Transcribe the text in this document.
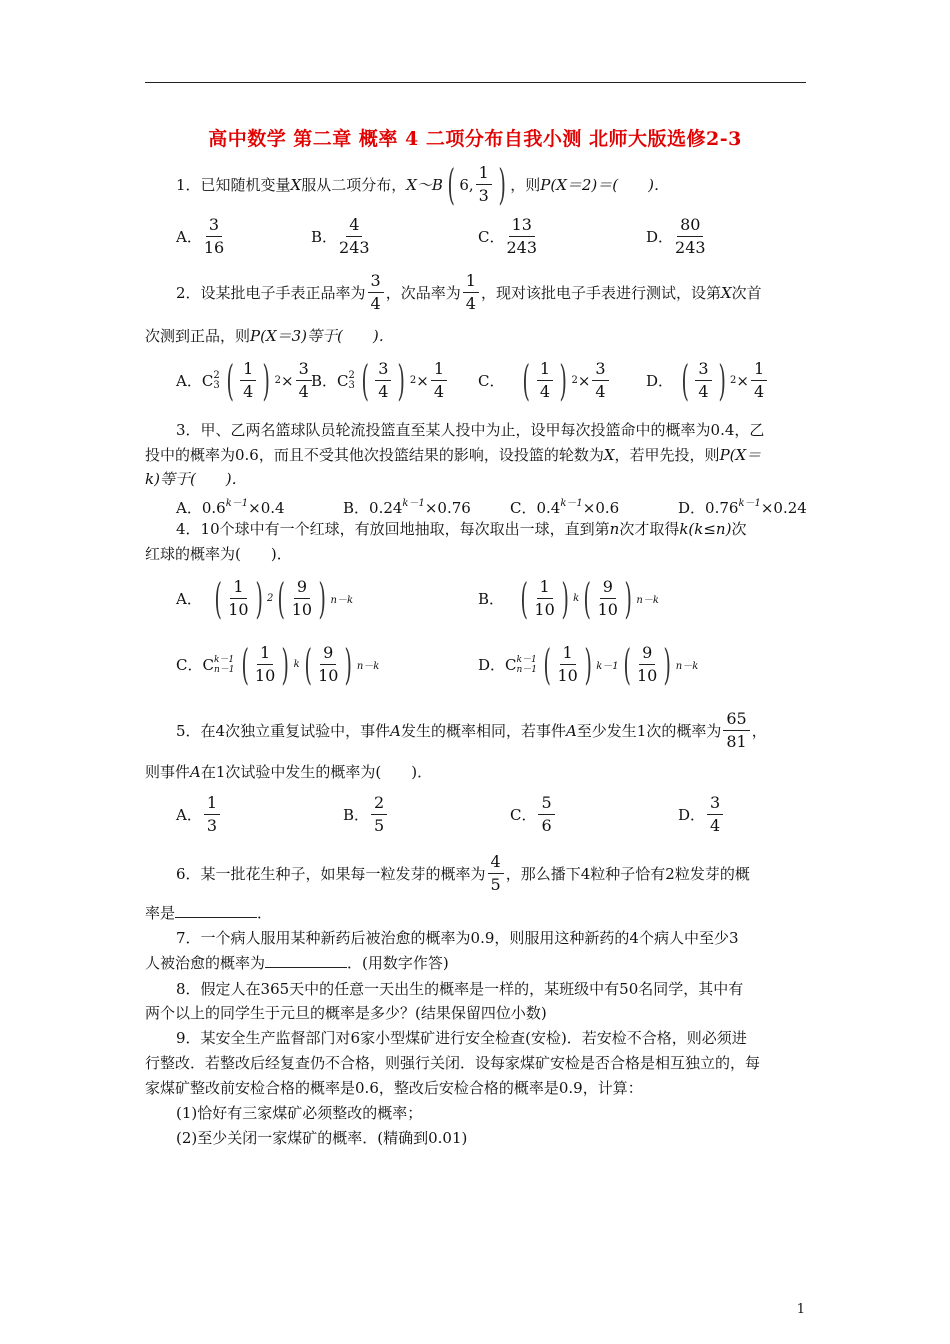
高中数学 第二章 概率 4 二项分布自我小测 北师大版选修2-3
1．已知随机变量 X 服从二项分布， X～B ( 6, $\frac{1}{3}$ ) ，则 P(X＝2)＝(　　)．
A． $\frac{3}{16}$	B． $\frac{4}{243}$	C． $\frac{13}{243}$	D． $\frac{80}{243}$
2．设某批电子手表正品率为 $\frac{3}{4}$ ，次品率为 $\frac{1}{4}$ ，现对该批电子手表进行测试，设第 X 次首
次测到正品，则P(X＝3)等于(　　)．
A． C 2
3 ( $\frac{1}{4}$ ) $2 \times \frac{3}{4}$ B． C 2
3 ( $\frac{3}{4}$ ) $2 \times \frac{1}{4}$ C． ( $\frac{1}{4}$ ) $2 \times \frac{3}{4}$ D． ( $\frac{3}{4}$ ) $2 \times \frac{1}{4}$
3．甲、乙两名篮球队员轮流投篮直至某人投中为止，设甲每次投篮命中的概率为0.4，乙
投中的概率为0.6，而且不受其他次投篮结果的影响，设投篮的轮数为X，若甲先投，则P(X＝
k)等于(　　)．
A．$0.6^{k-1}\times 0.4$	B．$0.24^{k-1}\times 0.76$	C．$0.4^{k-1}\times 0.6$	D．$0.76^{k-1}\times 0.24$
4．10个球中有一个红球，有放回地抽取，每次取出一球，直到第n次才取得k(k≤n)次
红球的概率为(　　)．
A． ( $\frac{1}{10}$ ) 2 ( $\frac{9}{10}$ ) n－k	B． ( $\frac{1}{10}$ ) k ( $\frac{9}{10}$ ) n－k
C． C k－1
n－1 ( $\frac{1}{10}$ ) k ( $\frac{9}{10}$ ) n－k	D． C k－1
n－1 ( $\frac{1}{10}$ ) k－1 ( $\frac{9}{10}$ ) n－k
5．在4次独立重复试验中，事件 A 发生的概率相同，若事件 A 至少发生1次的概率为 $\frac{65}{81}$ ，
则事件A在1次试验中发生的概率为(　　)．
A． $\frac{1}{3}$	B． $\frac{2}{5}$	C． $\frac{5}{6}$	D． $\frac{3}{4}$
6．某一批花生种子，如果每一粒发芽的概率为 $\frac{4}{5}$ ，那么播下4粒种子恰有2粒发芽的概
率是	．
7．一个病人服用某种新药后被治愈的概率为0.9，则服用这种新药的4个病人中至少3
人被治愈的概率为	．(用数字作答)
8．假定人在365天中的任意一天出生的概率是一样的，某班级中有50名同学，其中有
两个以上的同学生于元旦的概率是多少？(结果保留四位小数)
9．某安全生产监督部门对6家小型煤矿进行安全检查(安检)．若安检不合格，则必须进
行整改．若整改后经复查仍不合格，则强行关闭．设每家煤矿安检是否合格是相互独立的，每
家煤矿整改前安检合格的概率是0.6，整改后安检合格的概率是0.9，计算：
(1)恰好有三家煤矿必须整改的概率；
(2)至少关闭一家煤矿的概率．(精确到0.01)
1
